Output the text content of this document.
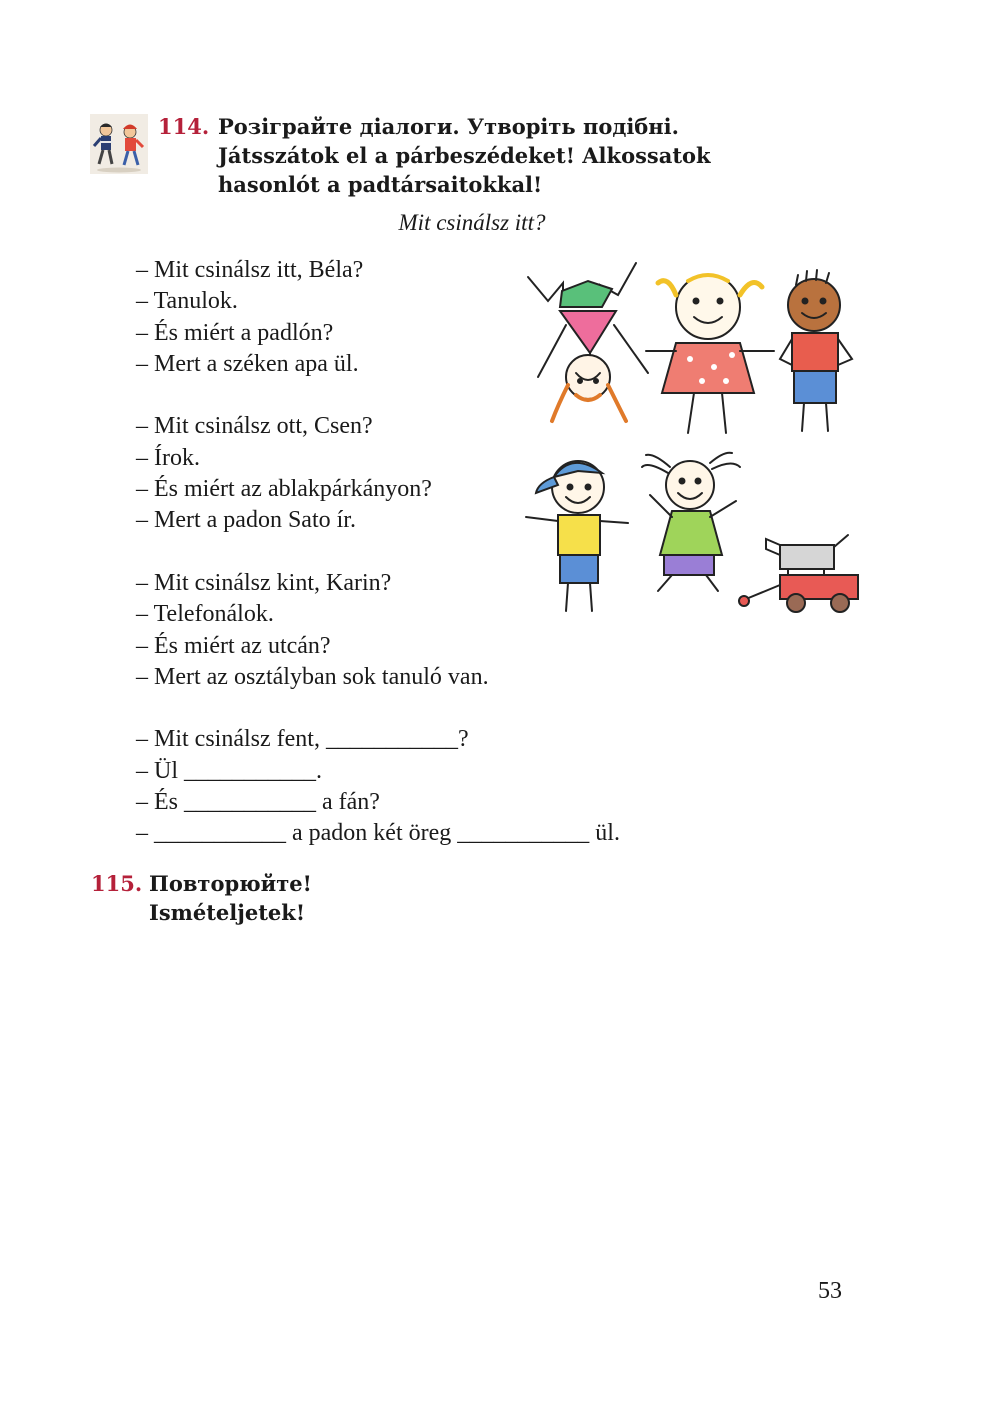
114. Розіграйте діалоги. Утворіть подібні.
Játsszátok el a párbeszédeket! Alkossatok
hasonlót a padtársaitokkal!
Mit csinálsz itt?
– Mit csinálsz itt, Béla?
– Tanulok.
– És miért a padlón?
– Mert a széken apa ül.
– Mit csinálsz ott, Csen?
– Írok.
– És miért az ablakpárkányon?
– Mert a padon Sato ír.
– Mit csinálsz kint, Karin?
– Telefonálok.
– És miért az utcán?
– Mert az osztályban sok tanuló van.
– Mit csinálsz fent, ___________?
– Ül ___________.
– És ___________ a fán?
– ___________ a padon két öreg ___________ ül.
115. Повторюйте!
Ismételjetek!
53
